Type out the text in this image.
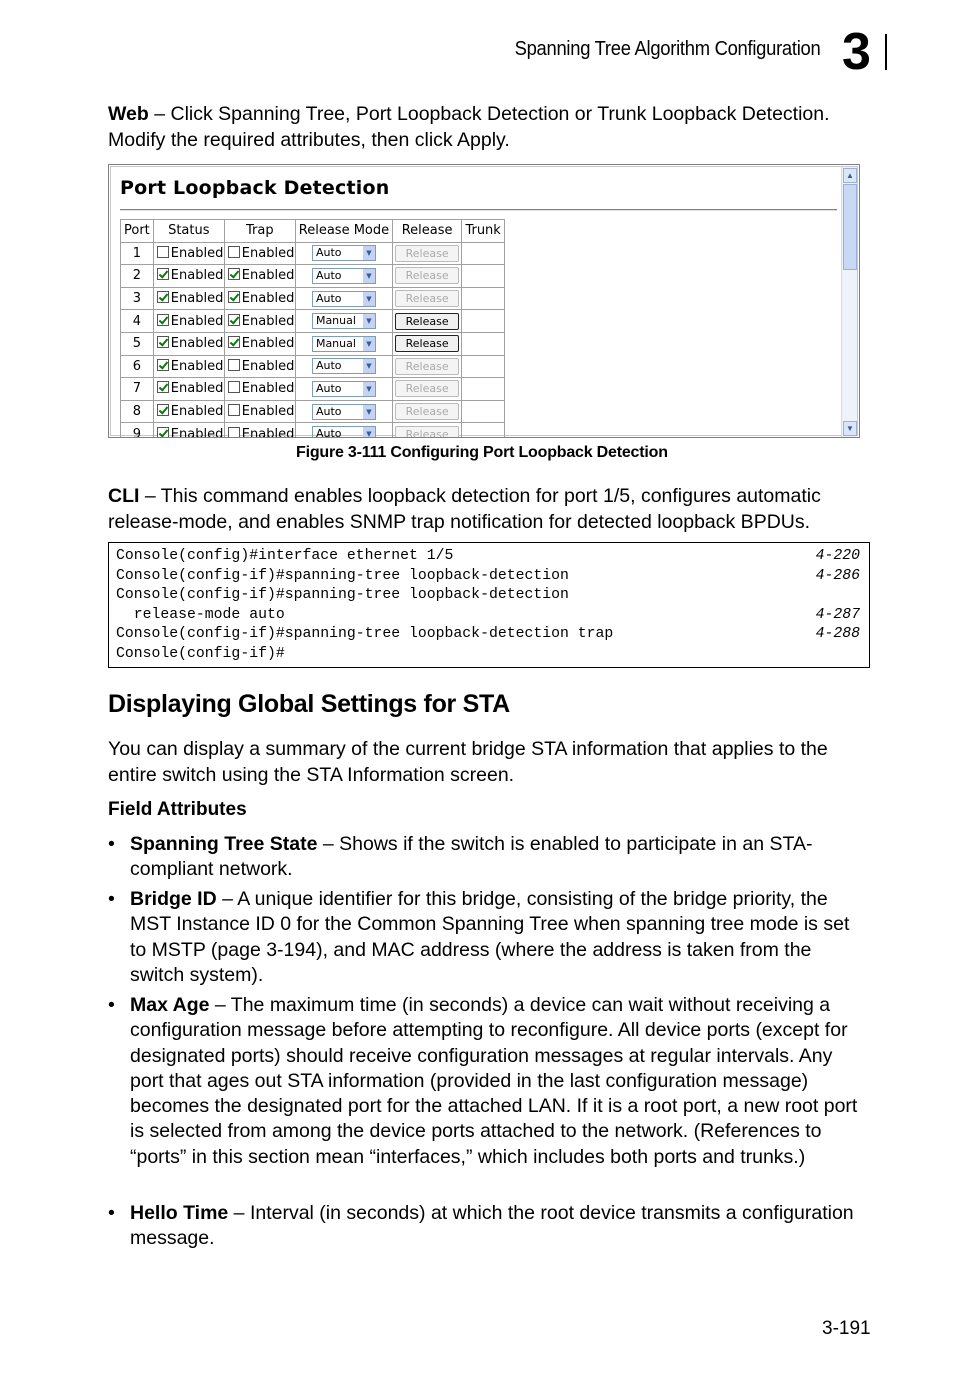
Spanning Tree Algorithm Configuration 3
Web – Click Spanning Tree, Port Loopback Detection or Trunk Loopback Detection. Modify the required attributes, then click Apply.
Port Loopback Detection
Port	Status	Trap	Release Mode	Release	Trunk
1	Enabled	Enabled	Auto ▼	Release	
2	Enabled	Enabled	Auto ▼	Release	
3	Enabled	Enabled	Auto ▼	Release	
4	Enabled	Enabled	Manual ▼	Release	
5	Enabled	Enabled	Manual ▼	Release	
6	Enabled	Enabled	Auto ▼	Release	
7	Enabled	Enabled	Auto ▼	Release	
8	Enabled	Enabled	Auto ▼	Release	
9	Enabled	Enabled	Auto ▼	Release	
▲
▼
Figure 3-111 Configuring Port Loopback Detection
CLI – This command enables loopback detection for port 1/5, configures automatic release-mode, and enables SNMP trap notification for detected loopback BPDUs.
Console(config)#interface ethernet 1/5	4-220
Console(config-if)#spanning-tree loopback-detection	4-286
Console(config-if)#spanning-tree loopback-detection
release-mode auto	4-287
Console(config-if)#spanning-tree loopback-detection trap	4-288
Console(config-if)#
Displaying Global Settings for STA
You can display a summary of the current bridge STA information that applies to the entire switch using the STA Information screen.
Field Attributes
• Spanning Tree State – Shows if the switch is enabled to participate in an STA-compliant network.
• Bridge ID – A unique identifier for this bridge, consisting of the bridge priority, the MST Instance ID 0 for the Common Spanning Tree when spanning tree mode is set to MSTP (page 3-194), and MAC address (where the address is taken from the switch system).
• Max Age – The maximum time (in seconds) a device can wait without receiving a configuration message before attempting to reconfigure. All device ports (except for designated ports) should receive configuration messages at regular intervals. Any port that ages out STA information (provided in the last configuration message) becomes the designated port for the attached LAN. If it is a root port, a new root port is selected from among the device ports attached to the network. (References to “ports” in this section mean “interfaces,” which includes both ports and trunks.)
• Hello Time – Interval (in seconds) at which the root device transmits a configuration message.
3-191
